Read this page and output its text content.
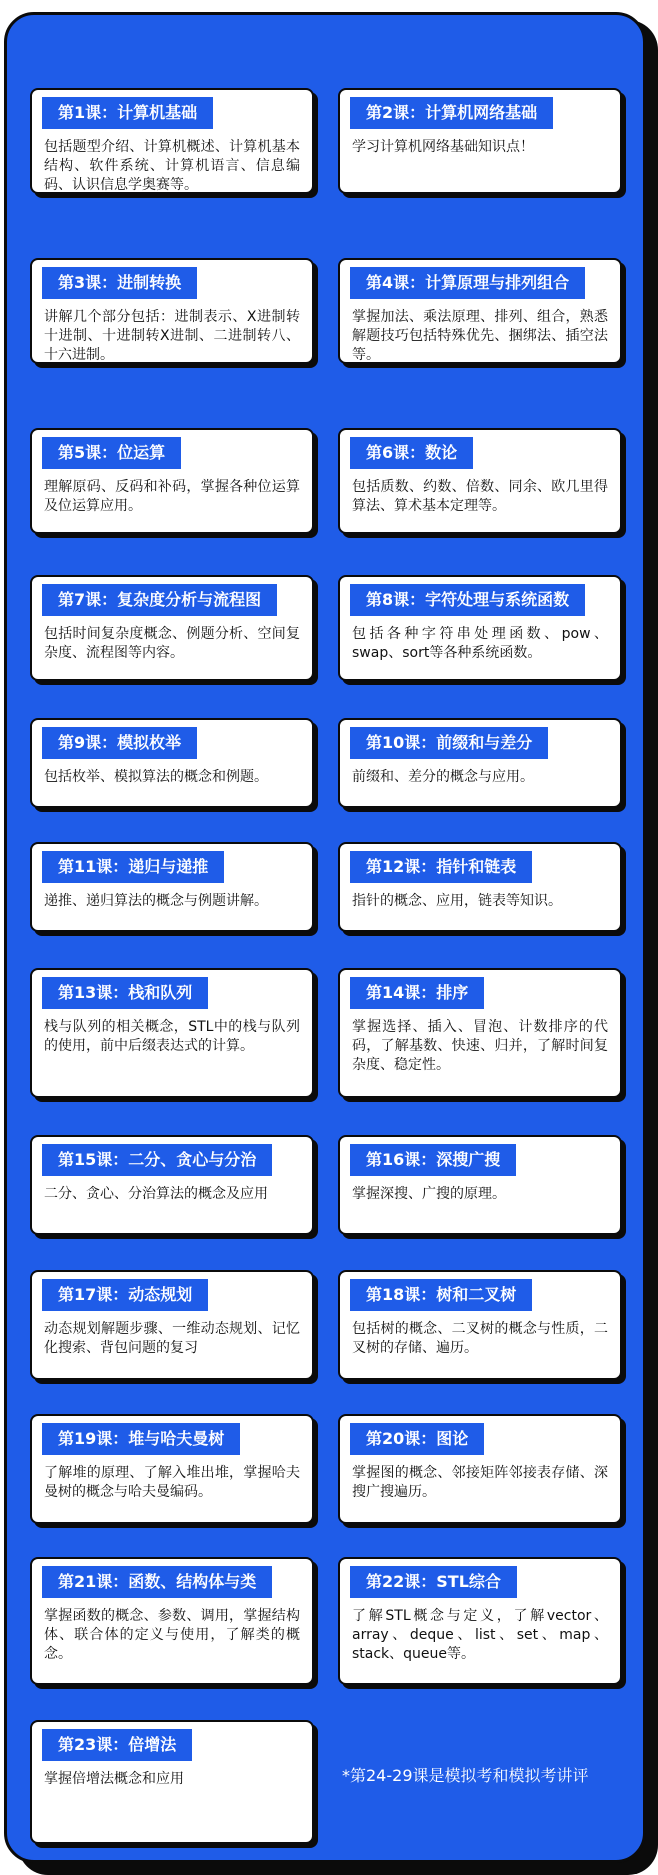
第1课：计算机基础
包括题型介绍、计算机概述、计算机基本结构、软件系统、计算机语言、信息编码、认识信息学奥赛等。
第2课：计算机网络基础
学习计算机网络基础知识点！
第3课：进制转换
讲解几个部分包括：进制表示、X进制转十进制、十进制转X进制、二进制转八、十六进制。
第4课：计算原理与排列组合
掌握加法、乘法原理、排列、组合，熟悉解题技巧包括特殊优先、捆绑法、插空法等。
第5课：位运算
理解原码、反码和补码，掌握各种位运算及位运算应用。
第6课：数论
包括质数、约数、倍数、同余、欧几里得算法、算术基本定理等。
第7课：复杂度分析与流程图
包括时间复杂度概念、例题分析、空间复杂度、流程图等内容。
第8课：字符处理与系统函数
包括各种字符串处理函数、pow、swap、sort等各种系统函数。
第9课：模拟枚举
包括枚举、模拟算法的概念和例题。
第10课：前缀和与差分
前缀和、差分的概念与应用。
第11课：递归与递推
递推、递归算法的概念与例题讲解。
第12课：指针和链表
指针的概念、应用，链表等知识。
第13课：栈和队列
栈与队列的相关概念，STL中的栈与队列的使用，前中后缀表达式的计算。
第14课：排序
掌握选择、插入、冒泡、计数排序的代码，了解基数、快速、归并，了解时间复杂度、稳定性。
第15课：二分、贪心与分治
二分、贪心、分治算法的概念及应用
第16课：深搜广搜
掌握深搜、广搜的原理。
第17课：动态规划
动态规划解题步骤、一维动态规划、记忆化搜索、背包问题的复习
第18课：树和二叉树
包括树的概念、二叉树的概念与性质，二叉树的存储、遍历。
第19课：堆与哈夫曼树
了解堆的原理、了解入堆出堆，掌握哈夫曼树的概念与哈夫曼编码。
第20课：图论
掌握图的概念、邻接矩阵邻接表存储、深搜广搜遍历。
第21课：函数、结构体与类
掌握函数的概念、参数、调用，掌握结构体、联合体的定义与使用，了解类的概念。
第22课：STL综合
了解STL概念与定义，了解vector、array、deque、list、set、map、stack、queue等。
第23课：倍增法
掌握倍增法概念和应用	*第24-29课是模拟考和模拟考讲评
